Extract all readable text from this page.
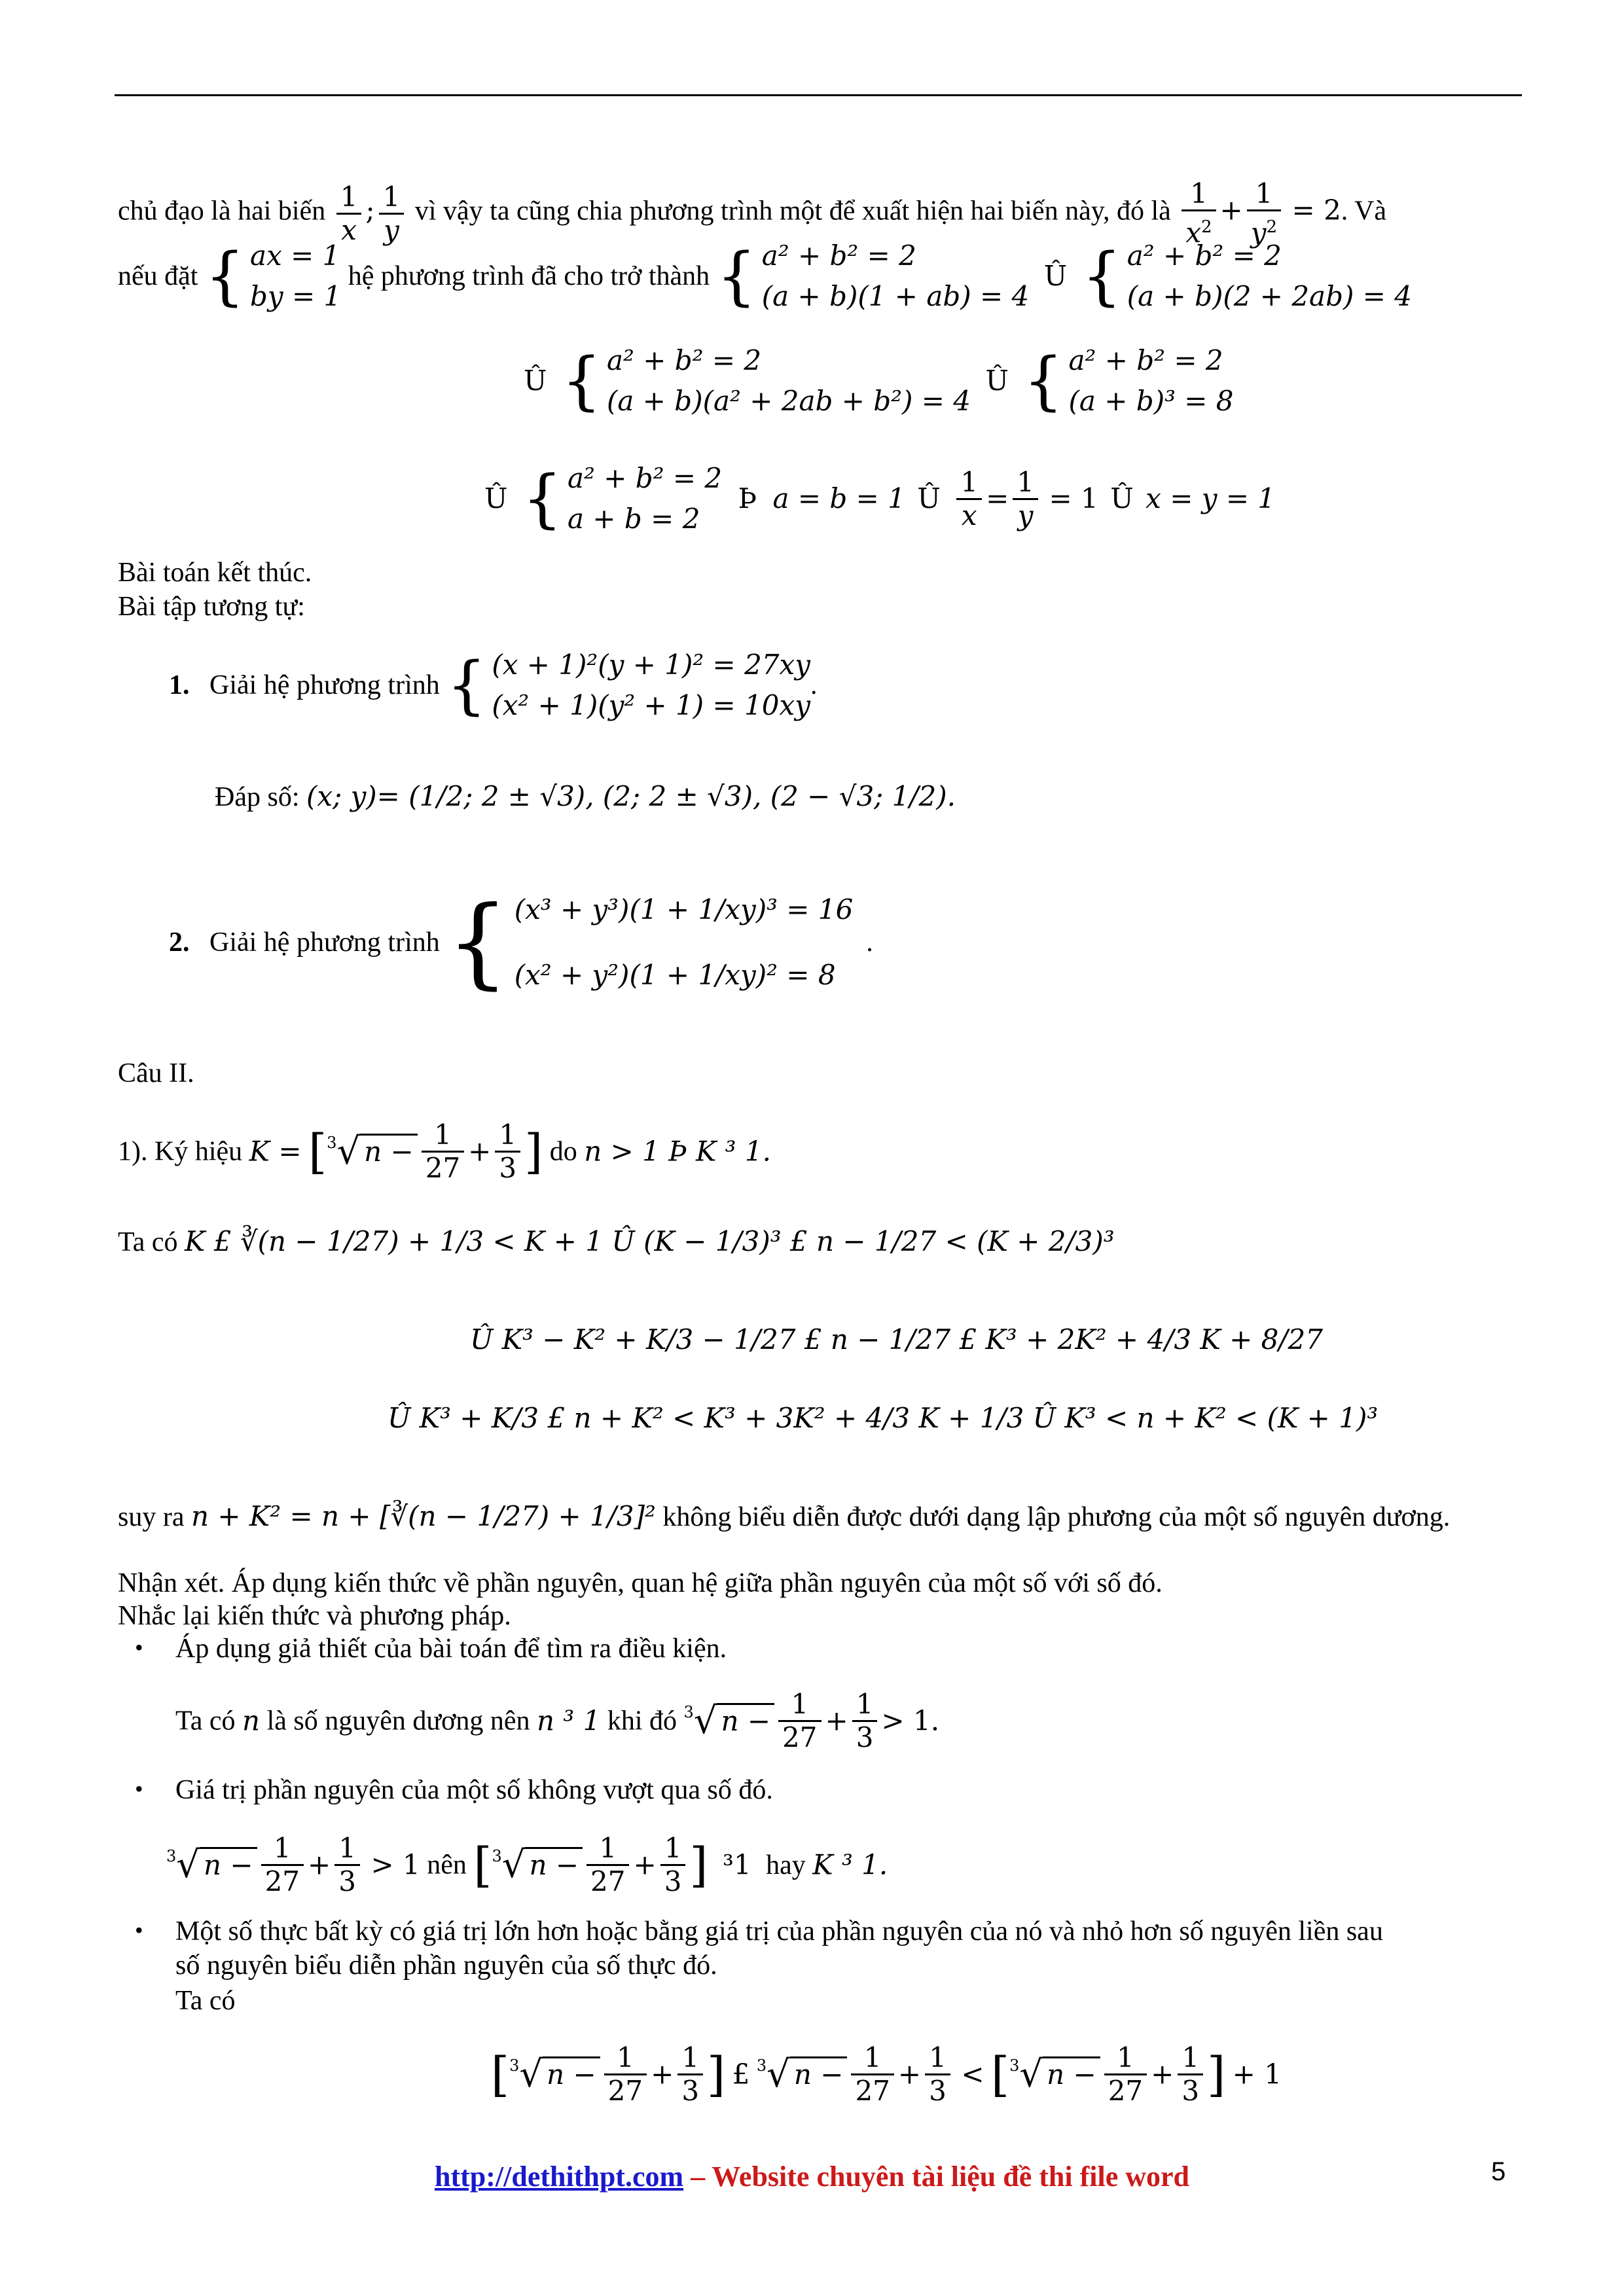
chủ đạo là hai biến $\frac{1}{x}$ ; $\frac{1}{y}$ vì vậy ta cũng chia phương trình một để xuất hiện hai biến này, đó là $\frac{1}{x^2} + \frac{1}{y^2} = 2$. Và
nếu đặt { ax = 1
by = 1
hệ phương trình đã cho trở thành { a² + b² = 2
(a + b)(1 + ab) = 4
Û { a² + b² = 2
(a + b)(2 + 2ab) = 4
Û { a² + b² = 2
(a + b)(a² + 2ab + b²) = 4
Û { a² + b² = 2
(a + b)³ = 8
Û { a² + b² = 2
a + b = 2
Þ a = b = 1 Û $\frac{1}{x} = \frac{1}{y} = 1$ Û x = y = 1
Bài toán kết thúc.
Bài tập tương tự:
1. Giải hệ phương trình { (x + 1)²(y + 1)² = 27xy
(x² + 1)(y² + 1) = 10xy
.
Đáp số: (x; y)= (1/2; 2 ± √3), (2; 2 ± √3), (2 − √3; 1/2).
2. Giải hệ phương trình { (x³ + y³)(1 + 1/xy)³ = 16
(x² + y²)(1 + 1/xy)² = 8
.
Câu II.
1). Ký hiệu K = [$^3$√ $n - \frac{1}{27} + \frac{1}{3}$ ] do n > 1 Þ K ³ 1.
Ta có K £ ∛(n − 1/27) + 1/3 < K + 1 Û (K − 1/3)³ £ n − 1/27 < (K + 2/3)³
Û K³ − K² + K/3 − 1/27 £ n − 1/27 £ K³ + 2K² + 4/3 K + 8/27
Û K³ + K/3 £ n + K² < K³ + 3K² + 4/3 K + 1/3 Û K³ < n + K² < (K + 1)³
suy ra n + K² = n + [∛(n − 1/27) + 1/3]² không biểu diễn được dưới dạng lập phương của một số nguyên dương.
Nhận xét. Áp dụng kiến thức về phần nguyên, quan hệ giữa phần nguyên của một số với số đó.
Nhắc lại kiến thức và phương pháp.
• Áp dụng giả thiết của bài toán để tìm ra điều kiện.
Ta có n là số nguyên dương nên n ³ 1 khi đó $^3$√ $n - \frac{1}{27} + \frac{1}{3} > 1$.
• Giá trị phần nguyên của một số không vượt qua số đó.
$^3$√ $n - \frac{1}{27} + \frac{1}{3} > 1$ nên [$^3$√ $n - \frac{1}{27} + \frac{1}{3}$ ] ³1 hay K ³ 1.
• Một số thực bất kỳ có giá trị lớn hơn hoặc bằng giá trị của phần nguyên của nó và nhỏ hơn số nguyên liền sau
số nguyên biểu diễn phần nguyên của số thực đó.
Ta có
[$^3$√ $n - \frac{1}{27} + \frac{1}{3}$ ] £ $^3$√ $n - \frac{1}{27} + \frac{1}{3} < [^3√$ $n - \frac{1}{27} + \frac{1}{3}$ ] + 1
http://dethithpt.com – Website chuyên tài liệu đề thi file word	5
